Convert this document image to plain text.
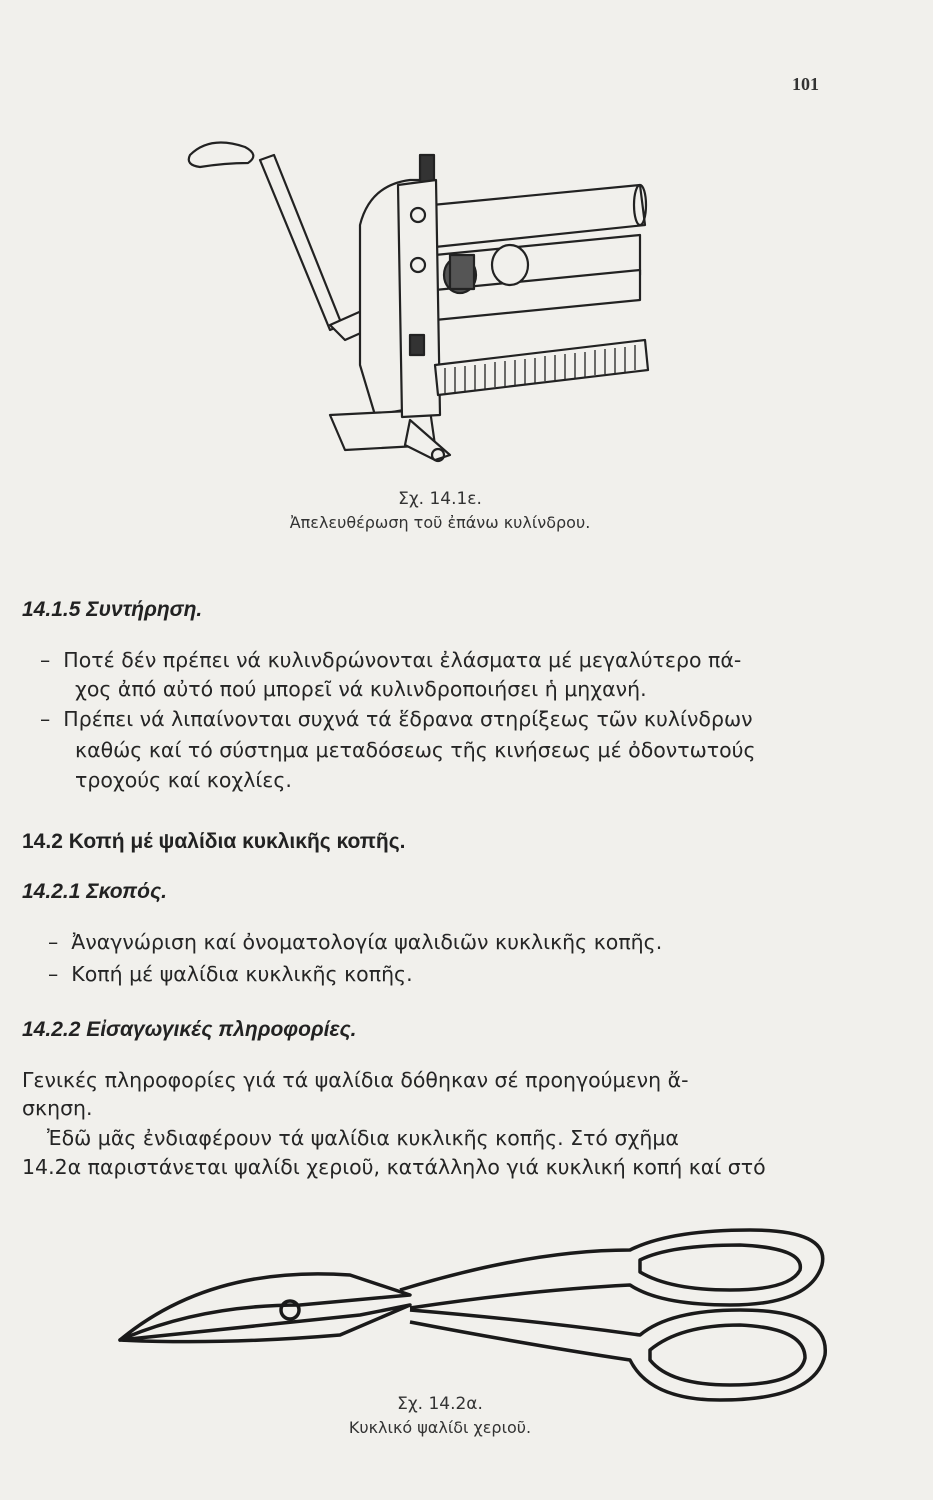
101
Σχ. 14.1ε.
Ἀπελευθέρωση τοῦ ἐπάνω κυλίνδρου.
14.1.5 Συντήρηση.
–  Ποτέ δέν πρέπει νά κυλινδρώνονται ἐλάσματα μέ μεγαλύτερο πά-
χος ἀπό αὐτό πού μπορεῖ νά κυλινδροποιήσει ἡ μηχανή.
–  Πρέπει νά λιπαίνονται συχνά τά ἕδρανα στηρίξεως τῶν κυλίνδρων
καθώς καί τό σύστημα μεταδόσεως τῆς κινήσεως μέ ὀδοντωτούς
τροχούς καί κοχλίες.
14.2 Κοπή μέ ψαλίδια κυκλικῆς κοπῆς.
14.2.1 Σκοπός.
–  Ἀναγνώριση καί ὀνοματολογία ψαλιδιῶν κυκλικῆς κοπῆς.
–  Κοπή μέ ψαλίδια κυκλικῆς κοπῆς.
14.2.2 Εἰσαγωγικές πληροφορίες.
Γενικές πληροφορίες γιά τά ψαλίδια δόθηκαν σέ προηγούμενη ἄ-
σκηση.
Ἐδῶ μᾶς ἐνδιαφέρουν τά ψαλίδια κυκλικῆς κοπῆς. Στό σχῆμα
14.2α παριστάνεται ψαλίδι χεριοῦ, κατάλληλο γιά κυκλική κοπή καί στό
Σχ. 14.2α.
Κυκλικό ψαλίδι χεριοῦ.
